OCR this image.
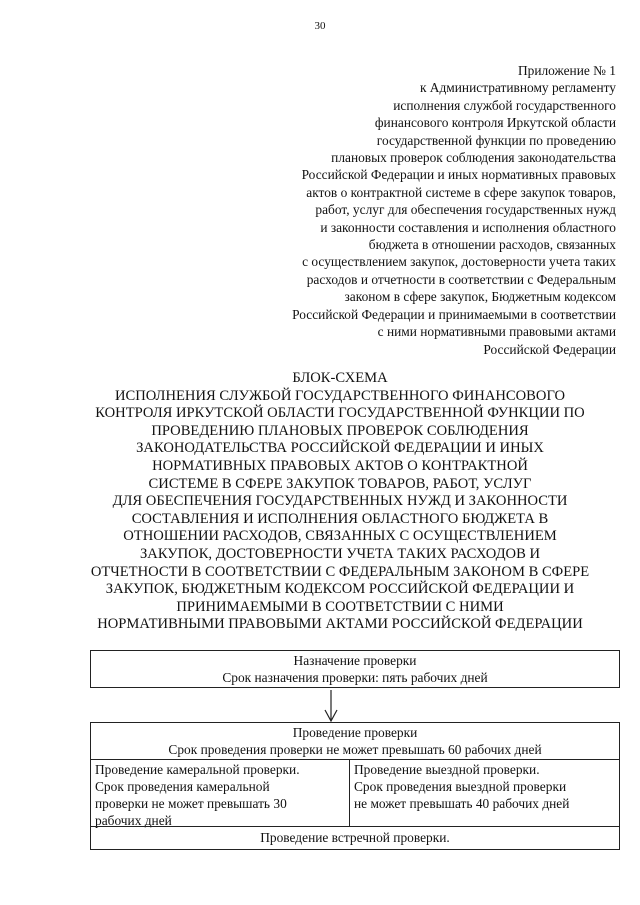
30
Приложение № 1
к Административному регламенту
исполнения службой государственного
финансового контроля Иркутской области
государственной функции по проведению
плановых проверок соблюдения законодательства
Российской Федерации и иных нормативных правовых
актов о контрактной системе в сфере закупок товаров,
работ, услуг для обеспечения государственных нужд
и законности составления и исполнения областного
бюджета в отношении расходов, связанных
с осуществлением закупок, достоверности учета таких
расходов и отчетности в соответствии с Федеральным
законом в сфере закупок, Бюджетным кодексом
Российской Федерации и принимаемыми в соответствии
с ними нормативными правовыми актами
Российской Федерации
БЛОК-СХЕМА
ИСПОЛНЕНИЯ СЛУЖБОЙ ГОСУДАРСТВЕННОГО ФИНАНСОВОГО
КОНТРОЛЯ ИРКУТСКОЙ ОБЛАСТИ ГОСУДАРСТВЕННОЙ ФУНКЦИИ ПО
ПРОВЕДЕНИЮ ПЛАНОВЫХ ПРОВЕРОК СОБЛЮДЕНИЯ
ЗАКОНОДАТЕЛЬСТВА РОССИЙСКОЙ ФЕДЕРАЦИИ И ИНЫХ
НОРМАТИВНЫХ ПРАВОВЫХ АКТОВ О КОНТРАКТНОЙ
СИСТЕМЕ В СФЕРЕ ЗАКУПОК ТОВАРОВ, РАБОТ, УСЛУГ
ДЛЯ ОБЕСПЕЧЕНИЯ ГОСУДАРСТВЕННЫХ НУЖД И ЗАКОННОСТИ
СОСТАВЛЕНИЯ И ИСПОЛНЕНИЯ ОБЛАСТНОГО БЮДЖЕТА В
ОТНОШЕНИИ РАСХОДОВ, СВЯЗАННЫХ С ОСУЩЕСТВЛЕНИЕМ
ЗАКУПОК, ДОСТОВЕРНОСТИ УЧЕТА ТАКИХ РАСХОДОВ И
ОТЧЕТНОСТИ В СООТВЕТСТВИИ С ФЕДЕРАЛЬНЫМ ЗАКОНОМ В СФЕРЕ
ЗАКУПОК, БЮДЖЕТНЫМ КОДЕКСОМ РОССИЙСКОЙ ФЕДЕРАЦИИ И
ПРИНИМАЕМЫМИ В СООТВЕТСТВИИ С НИМИ
НОРМАТИВНЫМИ ПРАВОВЫМИ АКТАМИ РОССИЙСКОЙ ФЕДЕРАЦИИ
Назначение проверки
Срок назначения проверки: пять рабочих дней
Проведение проверки
Срок проведения проверки не может превышать 60 рабочих дней
Проведение камеральной проверки.
Срок проведения камеральной
проверки не может превышать 30
рабочих дней
Проведение выездной проверки.
Срок проведения выездной проверки
не может превышать 40 рабочих дней
Проведение встречной проверки.
